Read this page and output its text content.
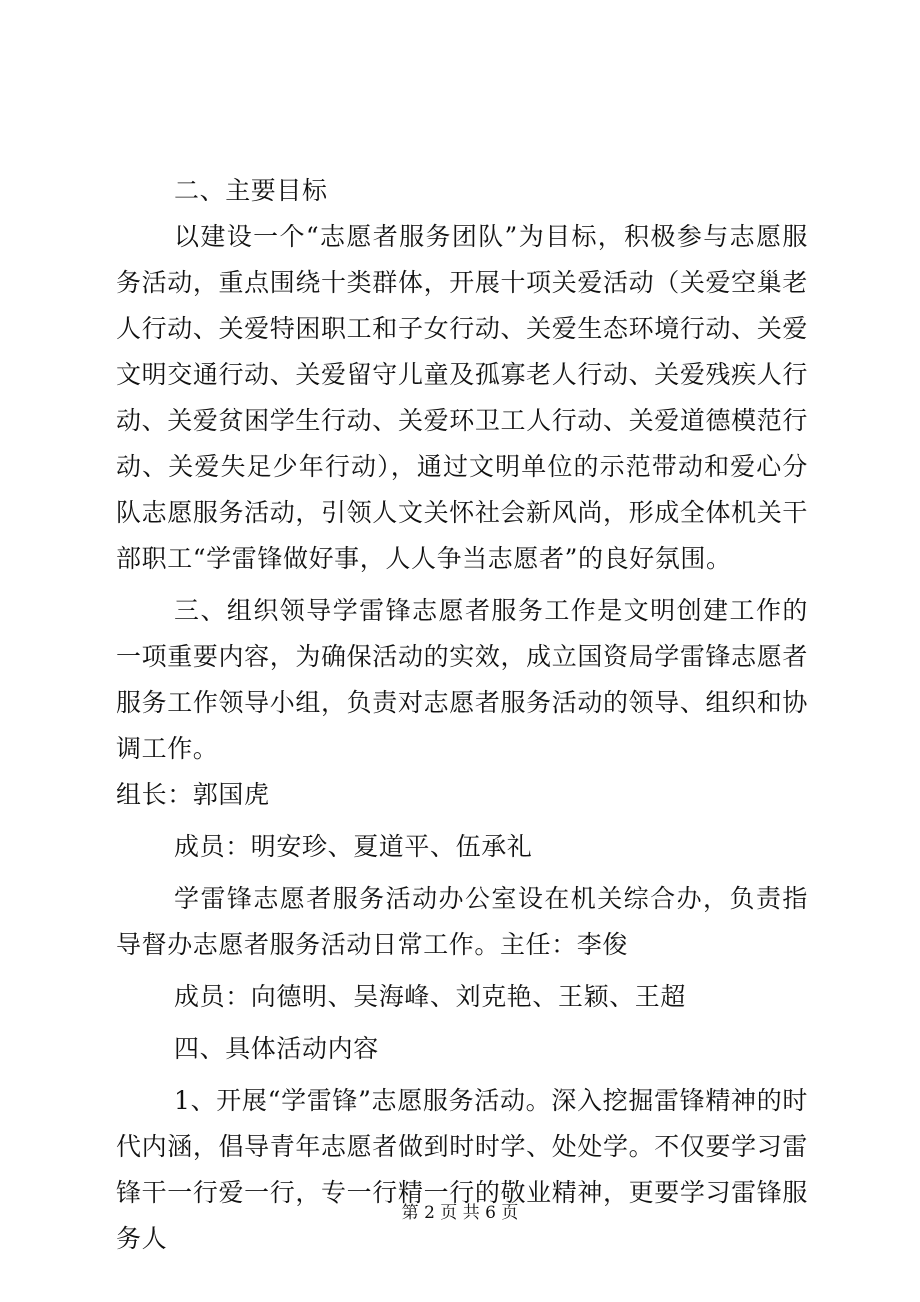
二、主要目标

以建设一个“志愿者服务团队”为目标，积极参与志愿服务活动，重点围绕十类群体，开展十项关爱活动（关爱空巢老人行动、关爱特困职工和子女行动、关爱生态环境行动、关爱文明交通行动、关爱留守儿童及孤寡老人行动、关爱残疾人行动、关爱贫困学生行动、关爱环卫工人行动、关爱道德模范行动、关爱失足少年行动），通过文明单位的示范带动和爱心分队志愿服务活动，引领人文关怀社会新风尚，形成全体机关干部职工“学雷锋做好事，人人争当志愿者”的良好氛围。

三、组织领导学雷锋志愿者服务工作是文明创建工作的一项重要内容，为确保活动的实效，成立国资局学雷锋志愿者服务工作领导小组，负责对志愿者服务活动的领导、组织和协调工作。

组长：郭国虎

成员：明安珍、夏道平、伍承礼

学雷锋志愿者服务活动办公室设在机关综合办，负责指导督办志愿者服务活动日常工作。主任：李俊

成员：向德明、吴海峰、刘克艳、王颖、王超

四、具体活动内容

1、开展“学雷锋”志愿服务活动。深入挖掘雷锋精神的时代内涵，倡导青年志愿者做到时时学、处处学。不仅要学习雷锋干一行爱一行，专一行精一行的敬业精神，更要学习雷锋服务人

第 2 页 共 6 页
